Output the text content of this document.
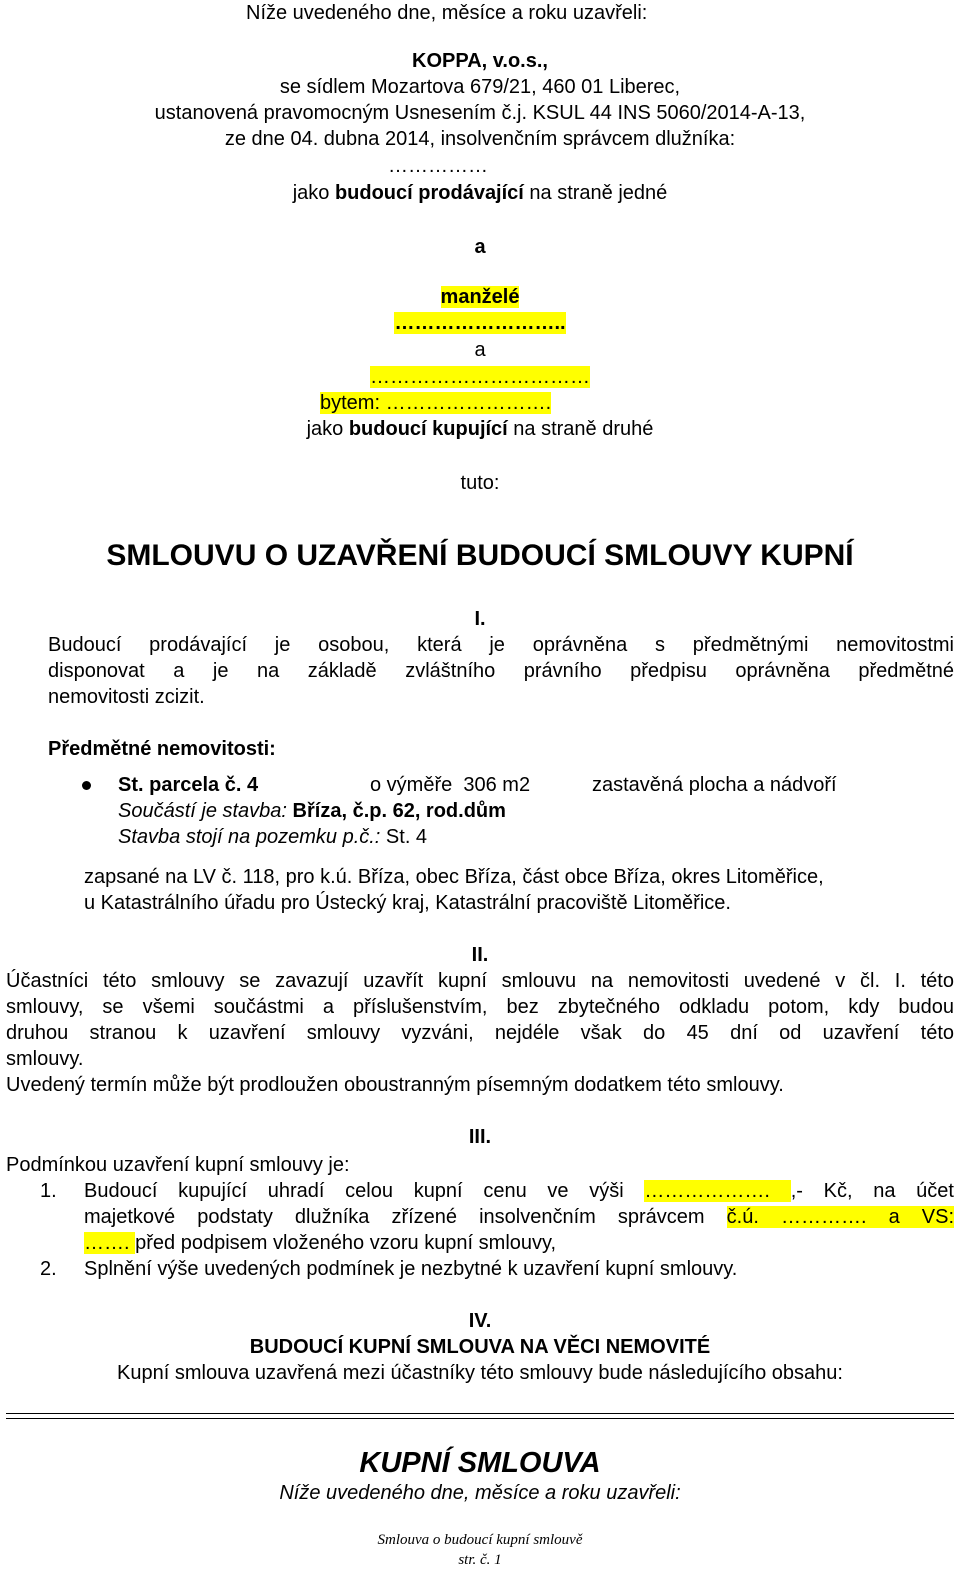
Níže uvedeného dne, měsíce a roku uzavřeli:
KOPPA, v.o.s.,
se sídlem Mozartova 679/21, 460 01 Liberec,
ustanovená pravomocným Usnesením č.j. KSUL 44 INS 5060/2014-A-13,
ze dne 04. dubna 2014, insolvenčním správcem dlužníka:
……………
jako budoucí prodávající na straně jedné
a
manželé
……………………..
a
……………………………
bytem: …………………….
jako budoucí kupující na straně druhé
tuto:
SMLOUVU O UZAVŘENÍ BUDOUCÍ SMLOUVY KUPNÍ
I.
Budoucí prodávající je osobou, která je oprávněna s předmětnými nemovitostmi
disponovat a je na základě zvláštního právního předpisu oprávněna předmětné
nemovitosti zcizit.
Předmětné nemovitosti:
St. parcela č. 4	o výměře  306 m2	zastavěná plocha a nádvoří
Součástí je stavba: Bříza, č.p. 62, rod.dům
Stavba stojí na pozemku p.č.: St. 4
zapsané na LV č. 118, pro k.ú. Bříza, obec Bříza, část obce Bříza, okres Litoměřice,
u Katastrálního úřadu pro Ústecký kraj, Katastrální pracoviště Litoměřice.
II.
Účastníci této smlouvy se zavazují uzavřít kupní smlouvu na nemovitosti uvedené v čl. I. této
smlouvy, se všemi součástmi a příslušenstvím, bez zbytečného odkladu potom, kdy budou
druhou stranou k uzavření smlouvy vyzváni, nejdéle však do 45 dní od uzavření této
smlouvy.
Uvedený termín může být prodloužen oboustranným písemným dodatkem této smlouvy.
III.
Podmínkou uzavření kupní smlouvy je:
1. Budoucí kupující uhradí celou kupní cenu ve výši ………………. ,- Kč, na účet
majetkové podstaty dlužníka zřízené insolvenčním správcem č.ú. …………. a VS:
……. před podpisem vloženého vzoru kupní smlouvy,
2. Splnění výše uvedených podmínek je nezbytné k uzavření kupní smlouvy.
IV.
BUDOUCÍ KUPNÍ SMLOUVA NA VĚCI NEMOVITÉ
Kupní smlouva uzavřená mezi účastníky této smlouvy bude následujícího obsahu:
KUPNÍ SMLOUVA
Níže uvedeného dne, měsíce a roku uzavřeli:
Smlouva o budoucí kupní smlouvě
str. č. 1
